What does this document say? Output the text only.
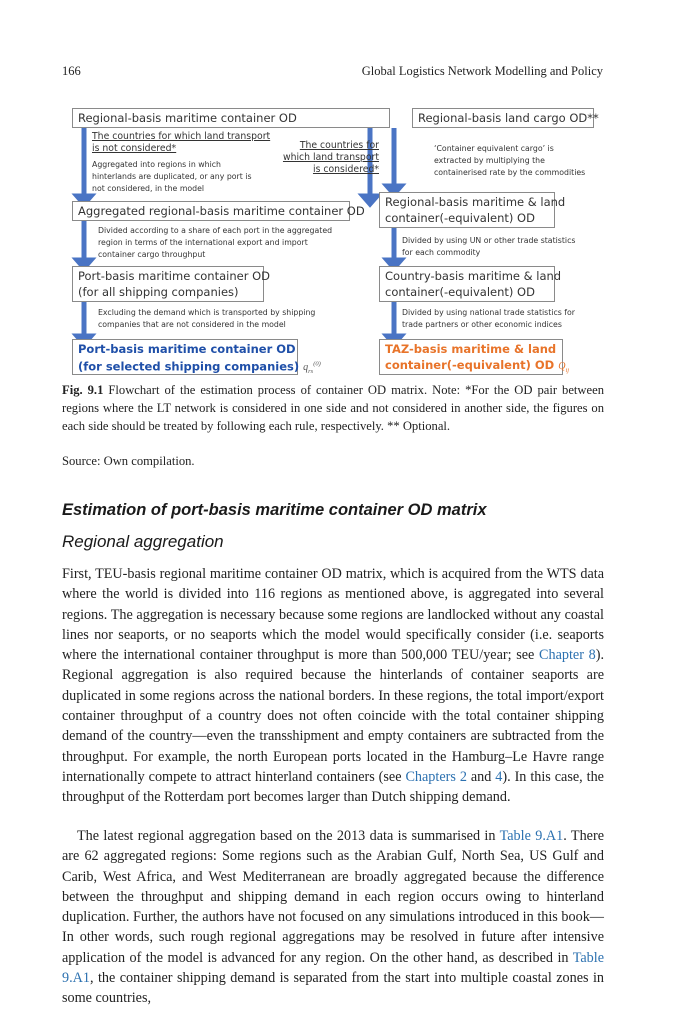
166	Global Logistics Network Modelling and Policy
Regional-basis maritime container OD
The countries for which land transport
is not considered*
Aggregated into regions in which
hinterlands are duplicated, or any port is
not considered, in the model
The countries for
which land transport
is considered*
Aggregated regional-basis maritime container OD
Divided according to a share of each port in the aggregated
region in terms of the international export and import
container cargo throughput
Port-basis maritime container OD
(for all shipping companies)
Excluding the demand which is transported by shipping
companies that are not considered in the model
Port-basis maritime container OD
(for selected shipping companies) $q_{rs}^{(0)}$
Regional-basis land cargo OD**
‘Container equivalent cargo’ is
extracted by multiplying the
containerised rate by the commodities
Regional-basis maritime & land
container(-equivalent) OD
Divided by using UN or other trade statistics
for each commodity
Country-basis maritime & land
container(-equivalent) OD
Divided by using national trade statistics for
trade partners or other economic indices
TAZ-basis maritime & land
container(-equivalent) OD $Q_{ij}$
Fig. 9.1 Flowchart of the estimation process of container OD matrix. Note: *For the OD pair between regions where the LT network is considered in one side and not considered in another side, the figures on each side should be treated by following each rule, respectively. ** Optional.
Source: Own compilation.
Estimation of port-basis maritime container OD matrix
Regional aggregation
First, TEU-basis regional maritime container OD matrix, which is acquired from the WTS data where the world is divided into 116 regions as mentioned above, is aggregated into several regions. The aggregation is necessary because some regions are landlocked without any coastal lines nor seaports, or no seaports which the model would specifically consider (i.e. seaports where the international container throughput is more than 500,000 TEU/year; see Chapter 8). Regional aggregation is also required because the hinterlands of container seaports are duplicated in some regions across the national borders. In these regions, the total import/export container throughput of a country does not often coincide with the total container shipping demand of the country—even the transshipment and empty containers are subtracted from the throughput. For example, the north European ports located in the Hamburg–Le Havre range internationally compete to attract hinterland containers (see Chapters 2 and 4). In this case, the throughput of the Rotterdam port becomes larger than Dutch shipping demand.
The latest regional aggregation based on the 2013 data is summarised in Table 9.A1. There are 62 aggregated regions: Some regions such as the Arabian Gulf, North Sea, US Gulf and Carib, West Africa, and West Mediterranean are broadly aggregated because the difference between the throughput and shipping demand in each region occurs owing to hinterland duplication. Further, the authors have not focused on any simulations introduced in this book—In other words, such rough regional aggregations may be resolved in future after intensive application of the model is advanced for any region. On the other hand, as described in Table 9.A1, the container shipping demand is separated from the start into multiple coastal zones in some countries,
